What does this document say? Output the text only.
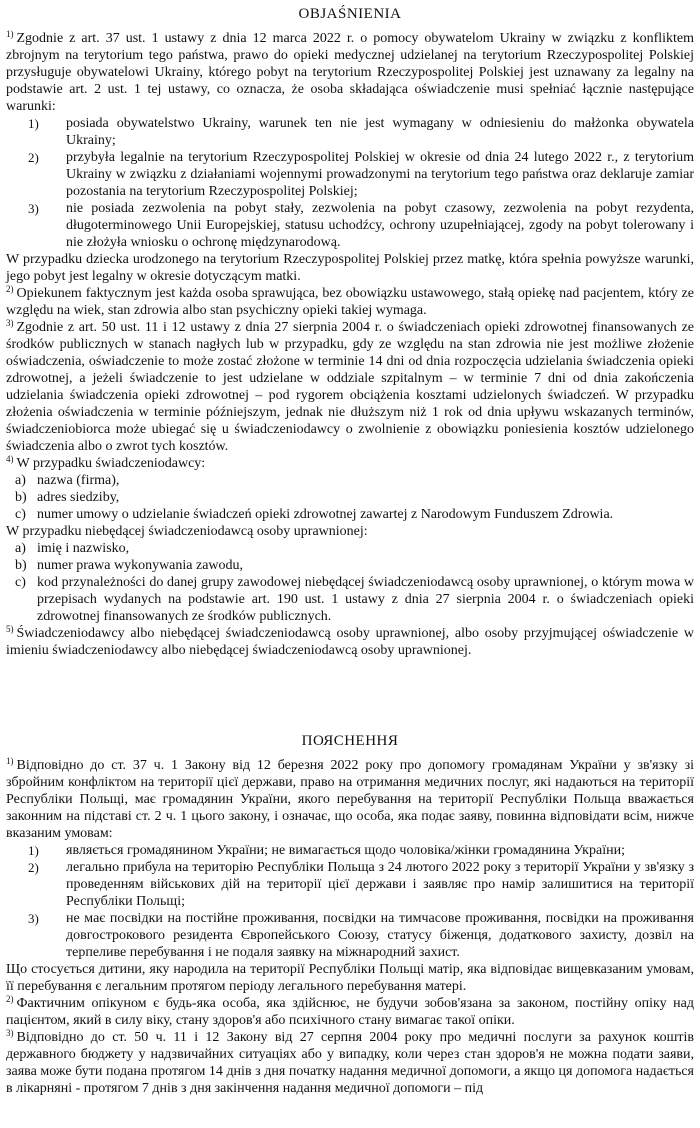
OBJAŚNIENIA
$^{1)}$ Zgodnie z art. 37 ust. 1 ustawy z dnia 12 marca 2022 r. o pomocy obywatelom Ukrainy w związku z konfliktem zbrojnym na terytorium tego państwa, prawo do opieki medycznej udzielanej na terytorium Rzeczypospolitej Polskiej przysługuje obywatelowi Ukrainy, którego pobyt na terytorium Rzeczypospolitej Polskiej jest uznawany za legalny na podstawie art. 2 ust. 1 tej ustawy, co oznacza, że osoba składająca oświadczenie musi spełniać łącznie następujące warunki:
1)	posiada obywatelstwo Ukrainy, warunek ten nie jest wymagany w odniesieniu do małżonka obywatela Ukrainy;
2)	przybyła legalnie na terytorium Rzeczypospolitej Polskiej w okresie od dnia 24 lutego 2022 r., z terytorium Ukrainy w związku z działaniami wojennymi prowadzonymi na terytorium tego państwa oraz deklaruje zamiar pozostania na terytorium Rzeczypospolitej Polskiej;
3)	nie posiada zezwolenia na pobyt stały, zezwolenia na pobyt czasowy, zezwolenia na pobyt rezydenta, długoterminowego Unii Europejskiej, statusu uchodźcy, ochrony uzupełniającej, zgody na pobyt tolerowany i nie złożyła wniosku o ochronę międzynarodową.
W przypadku dziecka urodzonego na terytorium Rzeczypospolitej Polskiej przez matkę, która spełnia powyższe warunki, jego pobyt jest legalny w okresie dotyczącym matki.
$^{2)}$ Opiekunem faktycznym jest każda osoba sprawująca, bez obowiązku ustawowego, stałą opiekę nad pacjentem, który ze względu na wiek, stan zdrowia albo stan psychiczny opieki takiej wymaga.
$^{3)}$ Zgodnie z art. 50 ust. 11 i 12 ustawy z dnia 27 sierpnia 2004 r. o świadczeniach opieki zdrowotnej finansowanych ze środków publicznych w stanach nagłych lub w przypadku, gdy ze względu na stan zdrowia nie jest możliwe złożenie oświadczenia, oświadczenie to może zostać złożone w terminie 14 dni od dnia rozpoczęcia udzielania świadczenia opieki zdrowotnej, a jeżeli świadczenie to jest udzielane w oddziale szpitalnym – w terminie 7 dni od dnia zakończenia udzielania świadczenia opieki zdrowotnej – pod rygorem obciążenia kosztami udzielonych świadczeń. W przypadku złożenia oświadczenia w terminie późniejszym, jednak nie dłuższym niż 1 rok od dnia upływu wskazanych terminów, świadczeniobiorca może ubiegać się u świadczeniodawcy o zwolnienie z obowiązku poniesienia kosztów udzielonego świadczenia albo o zwrot tych kosztów.
$^{4)}$ W przypadku świadczeniodawcy:
a) nazwa (firma),
b) adres siedziby,
c) numer umowy o udzielanie świadczeń opieki zdrowotnej zawartej z Narodowym Funduszem Zdrowia.
W przypadku niebędącej świadczeniodawcą osoby uprawnionej:
a) imię i nazwisko,
b) numer prawa wykonywania zawodu,
c) kod przynależności do danej grupy zawodowej niebędącej świadczeniodawcą osoby uprawnionej, o którym mowa w przepisach wydanych na podstawie art. 190 ust. 1 ustawy z dnia 27 sierpnia 2004 r. o świadczeniach opieki zdrowotnej finansowanych ze środków publicznych.
$^{5)}$ Świadczeniodawcy albo niebędącej świadczeniodawcą osoby uprawnionej, albo osoby przyjmującej oświadczenie w imieniu świadczeniodawcy albo niebędącej świadczeniodawcą osoby uprawnionej.
ПОЯСНЕННЯ
$^{1)}$ Відповідно до ст. 37 ч. 1 Закону від 12 березня 2022 року про допомогу громадянам України у зв'язку зі збройним конфліктом на території цієї держави, право на отримання медичних послуг, які надаються на території Республіки Польщі, має громадянин України, якого перебування на території Республіки Польща вважається законним на підставі ст. 2 ч. 1 цього закону, і означає, що особа, яка подає заяву, повинна відповідати всім, нижче вказаним умовам:
1)	являється громадянином України; не вимагається щодо чоловіка/жінки громадянина України;
2)	легально прибула на територію Республіки Польща з 24 лютого 2022 року з території України у зв'язку з проведенням військових дій на території цієї держави і заявляє про намір залишитися на території Республіки Польщі;
3)	не має посвідки на постійне проживання, посвідки на тимчасове проживання, посвідки на проживання довгострокового резидента Європейського Союзу, статусу біженця, додаткового захисту, дозвіл на терпеливе перебування і не подаля заявку на міжнародний захист.
Що стосується дитини, яку народила на території Республіки Польщі матір, яка відповідає вищевказаним умовам, її перебування є легальним протягом періоду легального перебування матері.
$^{2)}$ Фактичним опікуном є будь-яка особа, яка здійснює, не будучи зобов'язана за законом, постійну опіку над пацієнтом, який в силу віку, стану здоров'я або психічного стану вимагає такої опіки.
$^{3)}$ Відповідно до ст. 50 ч. 11 і 12 Закону від 27 серпня 2004 року про медичні послуги за рахунок коштів державного бюджету у надзвичайних ситуаціях або у випадку, коли через стан здоров'я не можна подати заяви, заява може бути подана протягом 14 днів з дня початку надання медичної допомоги, а якщо ця допомога надається в лікарняні - протягом 7 днів з дня закінчення надання медичної допомоги – під
